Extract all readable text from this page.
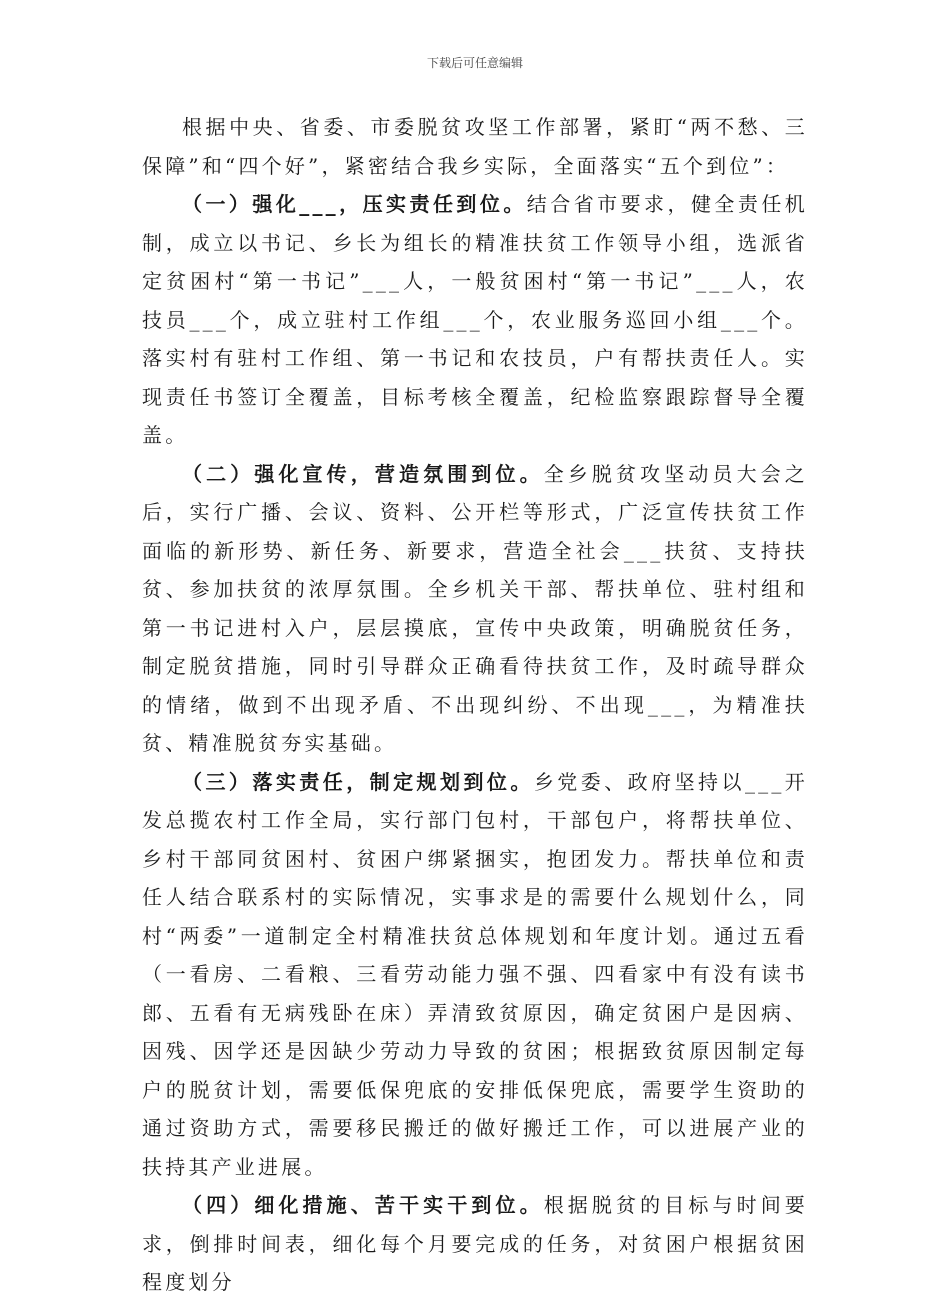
下载后可任意编辑

根据中央、省委、市委脱贫攻坚工作部署，紧盯“两不愁、三保障”和“四个好”，紧密结合我乡实际，全面落实“五个到位”：

（一）强化___，压实责任到位。结合省市要求，健全责任机制，成立以书记、乡长为组长的精准扶贫工作领导小组，选派省定贫困村“第一书记”___人，一般贫困村“第一书记”___人，农技员___个，成立驻村工作组___个，农业服务巡回小组___个。落实村有驻村工作组、第一书记和农技员，户有帮扶责任人。实现责任书签订全覆盖，目标考核全覆盖，纪检监察跟踪督导全覆盖。

（二）强化宣传，营造氛围到位。全乡脱贫攻坚动员大会之后，实行广播、会议、资料、公开栏等形式，广泛宣传扶贫工作面临的新形势、新任务、新要求，营造全社会___扶贫、支持扶贫、参加扶贫的浓厚氛围。全乡机关干部、帮扶单位、驻村组和第一书记进村入户，层层摸底，宣传中央政策，明确脱贫任务，制定脱贫措施，同时引导群众正确看待扶贫工作，及时疏导群众的情绪，做到不出现矛盾、不出现纠纷、不出现___，为精准扶贫、精准脱贫夯实基础。

（三）落实责任，制定规划到位。乡党委、政府坚持以___开发总揽农村工作全局，实行部门包村，干部包户，将帮扶单位、乡村干部同贫困村、贫困户绑紧捆实，抱团发力。帮扶单位和责任人结合联系村的实际情况，实事求是的需要什么规划什么，同村“两委”一道制定全村精准扶贫总体规划和年度计划。通过五看（一看房、二看粮、三看劳动能力强不强、四看家中有没有读书郎、五看有无病残卧在床）弄清致贫原因，确定贫困户是因病、因残、因学还是因缺少劳动力导致的贫困；根据致贫原因制定每户的脱贫计划，需要低保兜底的安排低保兜底，需要学生资助的通过资助方式，需要移民搬迁的做好搬迁工作，可以进展产业的扶持其产业进展。

（四）细化措施、苦干实干到位。根据脱贫的目标与时间要求，倒排时间表，细化每个月要完成的任务，对贫困户根据贫困程度划分
